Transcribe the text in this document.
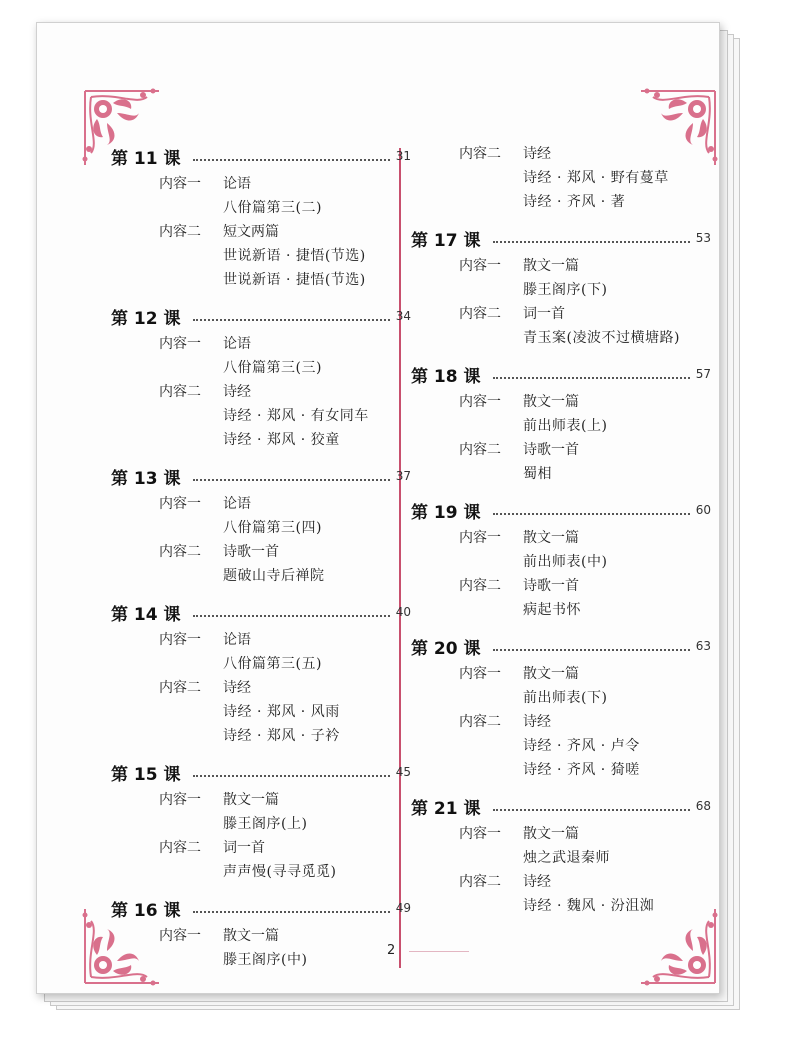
第 11 课	31
内容一	论语
八佾篇第三(二)
内容二	短文两篇
世说新语 · 捷悟(节选)
世说新语 · 捷悟(节选)
第 12 课	34
内容一	论语
八佾篇第三(三)
内容二	诗经
诗经 · 郑风 · 有女同车
诗经 · 郑风 · 狡童
第 13 课	37
内容一	论语
八佾篇第三(四)
内容二	诗歌一首
题破山寺后禅院
第 14 课	40
内容一	论语
八佾篇第三(五)
内容二	诗经
诗经 · 郑风 · 风雨
诗经 · 郑风 · 子衿
第 15 课	45
内容一	散文一篇
滕王阁序(上)
内容二	词一首
声声慢(寻寻觅觅)
第 16 课	49
内容一	散文一篇
滕王阁序(中)
内容二	诗经
诗经 · 郑风 · 野有蔓草
诗经 · 齐风 · 著
第 17 课	53
内容一	散文一篇
滕王阁序(下)
内容二	词一首
青玉案(凌波不过横塘路)
第 18 课	57
内容一	散文一篇
前出师表(上)
内容二	诗歌一首
蜀相
第 19 课	60
内容一	散文一篇
前出师表(中)
内容二	诗歌一首
病起书怀
第 20 课	63
内容一	散文一篇
前出师表(下)
内容二	诗经
诗经 · 齐风 · 卢令
诗经 · 齐风 · 猗嗟
第 21 课	68
内容一	散文一篇
烛之武退秦师
内容二	诗经
诗经 · 魏风 · 汾沮洳
2
